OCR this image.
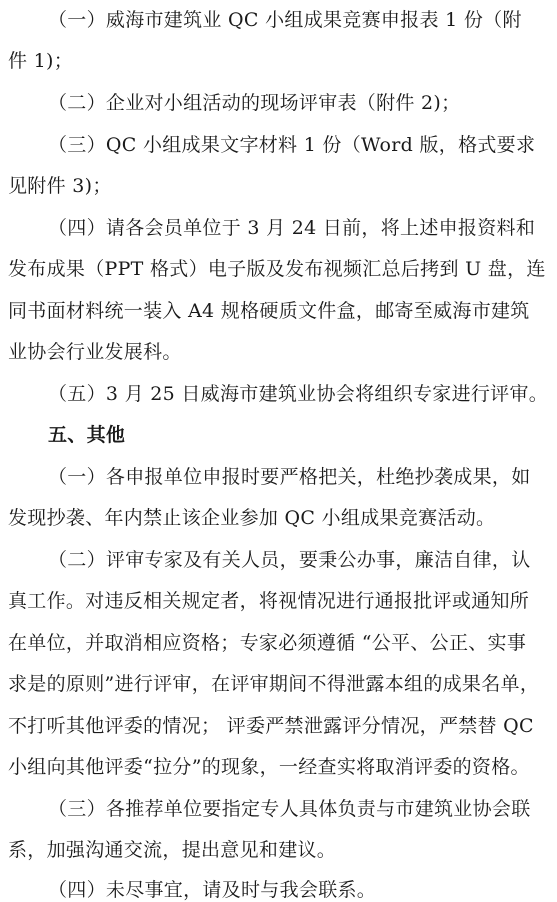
（一）威海市建筑业 QC 小组成果竞赛申报表 1 份（附
件 1)；
（二）企业对小组活动的现场评审表（附件 2)；
（三）QC 小组成果文字材料 1 份（Word 版，格式要求
见附件 3)；
（四）请各会员单位于 3 月 24 日前，将上述申报资料和
发布成果（PPT 格式）电子版及发布视频汇总后拷到 U 盘，连
同书面材料统一装入 A4 规格硬质文件盒，邮寄至威海市建筑
业协会行业发展科。
（五）3 月 25 日威海市建筑业协会将组织专家进行评审。
五、其他
（一）各申报单位申报时要严格把关，杜绝抄袭成果，如
发现抄袭、年内禁止该企业参加 QC 小组成果竞赛活动。
（二）评审专家及有关人员，要秉公办事，廉洁自律，认
真工作。对违反相关规定者，将视情况进行通报批评或通知所
在单位，并取消相应资格；专家必须遵循 “公平、公正、实事
求是的原则”进行评审，在评审期间不得泄露本组的成果名单，
不打听其他评委的情况； 评委严禁泄露评分情况，严禁替 QC
小组向其他评委“拉分”的现象，一经查实将取消评委的资格。
（三）各推荐单位要指定专人具体负责与市建筑业协会联
系，加强沟通交流，提出意见和建议。
（四）未尽事宜，请及时与我会联系。
